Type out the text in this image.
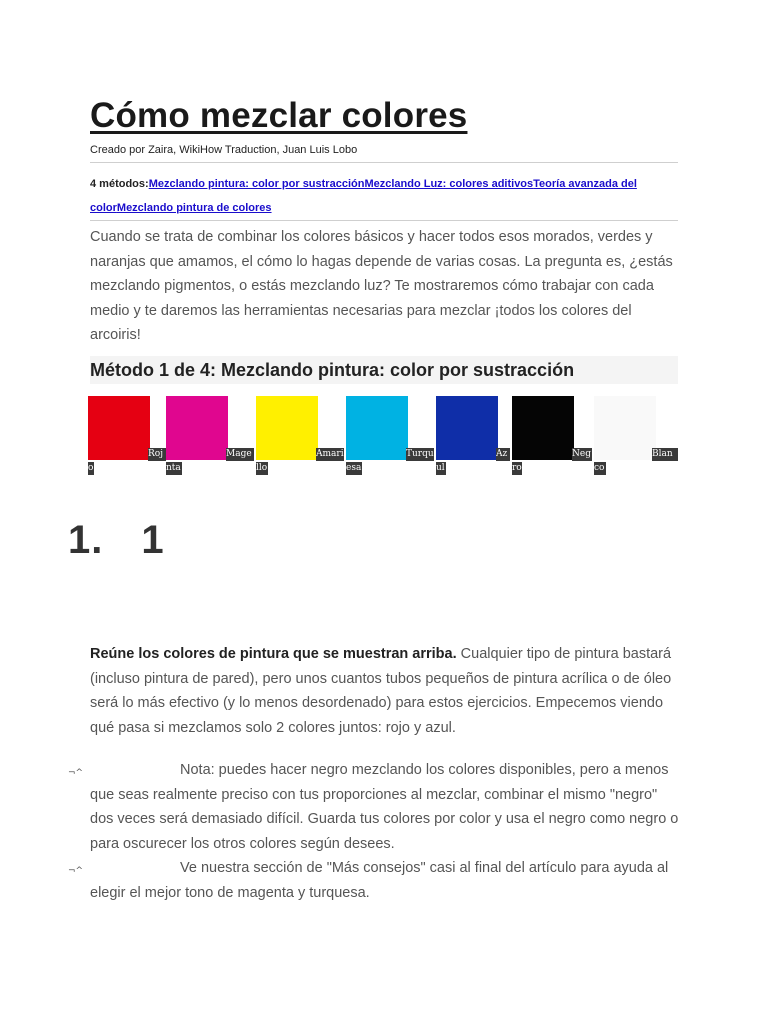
Cómo mezclar colores
Creado por Zaira, WikiHow Traduction, Juan Luis Lobo
4 métodos:Mezclando pintura: color por sustracciónMezclando Luz: colores aditivosTeoría avanzada del colorMezclando pintura de colores
Cuando se trata de combinar los colores básicos y hacer todos esos morados, verdes y naranjas que amamos, el cómo lo hagas depende de varias cosas. La pregunta es, ¿estás mezclando pigmentos, o estás mezclando luz? Te mostraremos cómo trabajar con cada medio y te daremos las herramientas necesarias para mezclar ¡todos los colores del arcoiris!
Método 1 de 4: Mezclando pintura: color por sustracción
Roj
o
Mage
nta
Amari
llo
Turqu
esa
Az
ul
Neg
ro
Blan
co
1. 1
Reúne los colores de pintura que se muestran arriba. Cualquier tipo de pintura bastará (incluso pintura de pared), pero unos cuantos tubos pequeños de pintura acrílica o de óleo será lo más efectivo (y lo menos desordenado) para estos ejercicios. Empecemos viendo qué pasa si mezclamos solo 2 colores juntos: rojo y azul.
¬^	Nota: puedes hacer negro mezclando los colores disponibles, pero a menos que seas realmente preciso con tus proporciones al mezclar, combinar el mismo "negro" dos veces será demasiado difícil. Guarda tus colores por color y usa el negro como negro o para oscurecer los otros colores según desees.
¬^	Ve nuestra sección de "Más consejos" casi al final del artículo para ayuda al elegir el mejor tono de magenta y turquesa.
